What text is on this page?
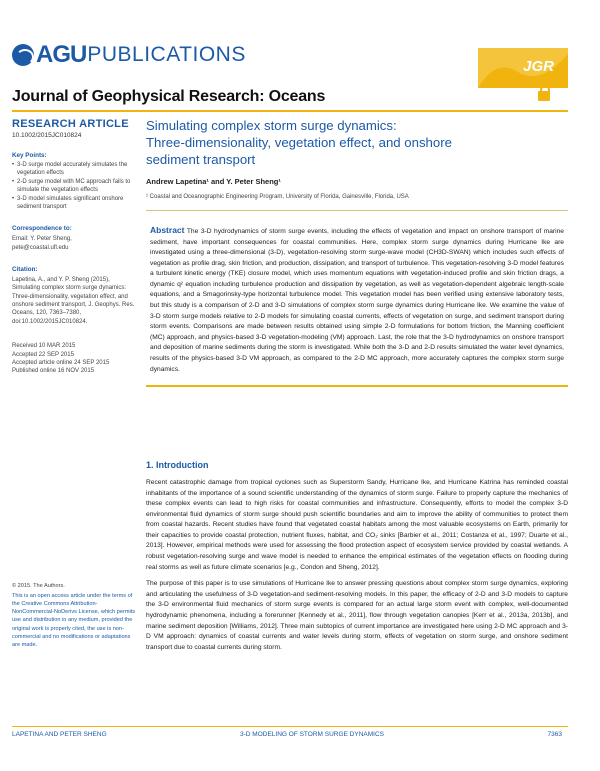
AGU PUBLICATIONS
JGR
Journal of Geophysical Research: Oceans
RESEARCH ARTICLE
10.1002/2015JC010824
Key Points:
• 3-D surge model accurately simulates the vegetation effects
• 2-D surge model with MC approach fails to simulate the vegetation effects
• 3-D model simulates significant onshore sediment transport
Correspondence to:
Email: Y. Peter Sheng,
pete@coastal.ufl.edu
Citation:
Lapetina, A., and Y. P. Sheng (2015), Simulating complex storm surge dynamics: Three-dimensionality, vegetation effect, and onshore sediment transport, J. Geophys. Res. Oceans, 120, 7363–7380, doi:10.1002/2015JC010824.
Received 10 MAR 2015
Accepted 22 SEP 2015
Accepted article online 24 SEP 2015
Published online 16 NOV 2015
© 2015. The Authors.
This is an open access article under the terms of the Creative Commons Attribution-NonCommercial-NoDerivs License, which permits use and distribution in any medium, provided the original work is properly cited, the use is non-commercial and no modifications or adaptations are made.
Simulating complex storm surge dynamics:
Three-dimensionality, vegetation effect, and onshore
sediment transport
Andrew Lapetina¹ and Y. Peter Sheng¹
¹ Coastal and Oceanographic Engineering Program, University of Florida, Gainesville, Florida, USA

Abstract The 3-D hydrodynamics of storm surge events, including the effects of vegetation and impact on onshore transport of marine sediment, have important consequences for coastal communities. Here, complex storm surge dynamics during Hurricane Ike are investigated using a three-dimensional (3-D), vegetation-resolving storm surge-wave model (CH3D-SWAN) which includes such effects of vegetation as profile drag, skin friction, and production, dissipation, and transport of turbulence. This vegetation-resolving 3-D model features a turbulent kinetic energy (TKE) closure model, which uses momentum equations with vegetation-induced profile and skin friction drags, a dynamic q² equation including turbulence production and dissipation by vegetation, as well as vegetation-dependent algebraic length-scale equations, and a Smagorinsky-type horizontal turbulence model. This vegetation model has been verified using extensive laboratory tests, but this study is a comparison of 2-D and 3-D simulations of complex storm surge dynamics during Hurricane Ike. We examine the value of 3-D storm surge models relative to 2-D models for simulating coastal currents, effects of vegetation on surge, and sediment transport during storm events. Comparisons are made between results obtained using simple 2-D formulations for bottom friction, the Manning coefficient (MC) approach, and physics-based 3-D vegetation-modeling (VM) approach. Last, the role that the 3-D hydrodynamics on onshore transport and deposition of marine sediments during the storm is investigated. While both the 3-D and 2-D results simulated the water level dynamics, results of the physics-based 3-D VM approach, as compared to the 2-D MC approach, more accurately captures the complex storm surge dynamics.

1. Introduction

Recent catastrophic damage from tropical cyclones such as Superstorm Sandy, Hurricane Ike, and Hurricane Katrina has reminded coastal inhabitants of the importance of a sound scientific understanding of the dynamics of storm surge. Failure to properly capture the mechanics of these complex events can lead to high risks for coastal communities and infrastructure. Consequently, efforts to model the complex 3-D environmental fluid dynamics of storm surge should push scientific boundaries and aim to improve the ability of communities to protect them from coastal hazards. Recent studies have found that vegetated coastal habitats among the most valuable ecosystems on Earth, primarily for their capacities to provide coastal protection, nutrient fluxes, habitat, and CO₂ sinks [Barbier et al., 2011; Costanza et al., 1997; Duarte et al., 2013]. However, empirical methods were used for assessing the flood protection aspect of ecosystem service provided by coastal wetlands. A robust vegetation-resolving surge and wave model is needed to enhance the empirical estimates of the vegetation effects on flooding during real storms as well as future climate scenarios [e.g., Condon and Sheng, 2012].

The purpose of this paper is to use simulations of Hurricane Ike to answer pressing questions about complex storm surge dynamics, exploring and articulating the usefulness of 3-D vegetation-and sediment-resolving models. In this paper, the efficacy of 2-D and 3-D models to capture the 3-D environmental fluid mechanics of storm surge events is compared for an actual large storm event with complex, well-documented hydrodynamic phenomena, including a forerunner [Kennedy et al., 2011], flow through vegetation canopies [Kerr et al., 2013a, 2013b], and marine sediment deposition [Williams, 2012]. Three main subtopics of current importance are investigated here using 2-D MC approach and 3-D VM approach: dynamics of coastal currents and water levels during storm, effects of vegetation on storm surge, and onshore sediment transport due to coastal currents during storm.

LAPETINA AND PETER SHENG	3-D MODELING OF STORM SURGE DYNAMICS	7363
